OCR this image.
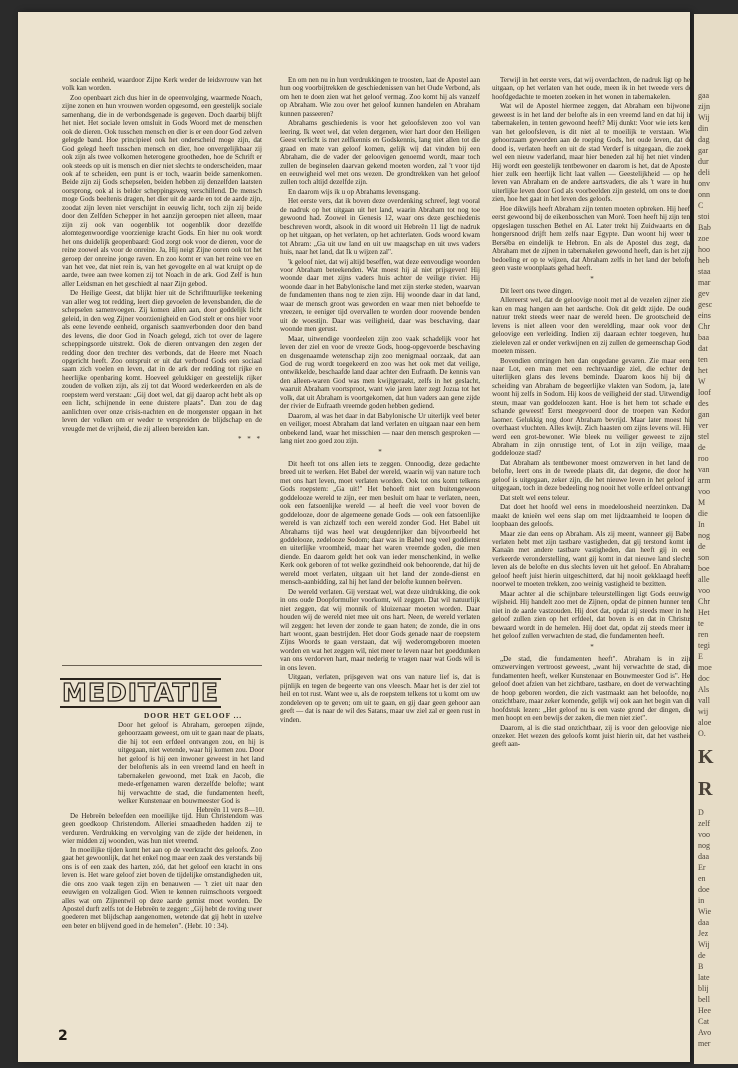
sociale eenheid, waardoor Zijne Kerk weder de leidsvrouw van het volk kan worden.

Zoo openbaart zich dus hier in de opeenvolging, waarmede Noach, zijne zonen en hun vrouwen worden opgesomd, een geestelijk sociale samenhang, die in de verbondsgenade is gegeven. Doch daarbij blijft het niet. Het sociale leven omsluit in Gods Woord met de menschen ook de dieren. Ook tusschen mensch en dier is er een door God zelven gelegde band. Hoe principieel ook het onderscheid moge zijn, dat God gelegd heeft tusschen mensch en dier, hoe onvergelijkbaar zij ook zijn als twee volkomen heterogene grootheden, hoe de Schrift er ook steeds op uit is mensch en dier niet slechts te onderscheiden, maar ook af te scheiden, een punt is er toch, waarin beide samenkomen. Beide zijn zij Gods schepselen, beiden hebben zij denzelfden laatsten oorsprong, ook al is belder scheppingsweg verschillend. De mensch moge Gods beeltenis dragen, het dier uit de aarde en tot de aarde zijn, zoodat zijn leven niet verschijnt in eeuwig licht, toch zijn zij beide door den Zelfden Schepper in het aanzijn geroepen niet alleen, maar zijn zij ook van oogenblik tot oogenblik door dezelfde alomtegenwoordige voorzienige kracht Gods. En hier nu ook wordt het ons duidelijk geopenbaard: God zorgt ook voor de dieren, voor de reine zoowel als voor de onreine. Ja, Hij neigt Zijne ooren ook tot het geroep der onreine jonge raven. En zoo komt er van het reine vee en van het vee, dat niet rein is, van het gevogelte en al wat kruipt op de aarde, twee aan twee komen zij tot Noach in de ark. God Zelf is hun aller Leidsman en het geschiedt al naar Zijn gebod.

De Heilige Geest, dat blijkt hier uit de Schrifttuurlijke teekening van aller weg tot redding, leert diep gevoelen de levensbanden, die de schepselen samenvoegen. Zij komen allen aan, door goddelijk licht geleid, in den weg Zijner voorzienigheid en God stelt er ons hier voor als eene levende eenheid, organisch saamverbonden door den band des levens, die door God in Noach gelegd, zich tot over de lagere scheppingsorde uitstrekt. Ook de dieren ontvangen den zegen der redding door den trechter des verbonds, dat de Heere met Noach opgericht heeft. Zoo ontspruit er uit dat verbond Gods een sociaal saam zich voelen en leven, dat in de ark der redding tot rijke en heerlijke openbaring komt. Hoeveel gelukkiger en geestelijk rijker zouden de volken zijn, als zij tot dat Woord wederkeerden en als de roepstem werd verstaan: „Gij doet wel, dat gij daarop acht hebt als op een licht, schijnende in eene duistere plaats". Dan zou de dag aanlichten over onze crisis-nachten en de morgenster opgaan in het leven der volken om er weder te verspreiden de blijdschap en de vreugde met de vrijheid, die zij alleen bereiden kan.

* * *
MEDITATIE
DOOR HET GELOOF ...
Door het geloof is Abraham, geroepen zijnde, gehoorzaam geweest, om uit te gaan naar de plaats, die hij tot een erfdeel ontvangen zou, en hij is uitgegaan, niet wetende, waar hij komen zou. Door het geloof is hij een inwoner geweest in het land der beloftenis als in een vreemd land en heeft in tabernakelen gewoond, met Izak en Jacob, die mede-erfgenamen waren derzelfde belofte; want hij verwachtte de stad, die fundamenten heeft, welker Kunstenaar en bouwmeester God is
Hebreën 11 vers 8—10.

De Hebreën beleefden een moeilijke tijd. Hun Christendom was geen goedkoop Christendom. Alleriei smaadheden hadden zij te verduren. Verdrukking en vervolging van de zijde der heidenen, in wier midden zij woonden, was hun niet vreemd.

In moeilijke tijden komt het aan op de veerkracht des geloofs. Zoo gaat het gewoonlijk, dat het enkel nog maar een zaak des verstands bij ons is of een zaak des harten, zóó, dat het geloof een kracht in ons leven is. Het ware geloof ziet boven de tijdelijke omstandigheden uit, die ons zoo vaak tegen zijn en benauwen — 't ziet uit naar den eeuwigen en volzaligen God. Wien te kennen ruimschoots vergoedt alles wat om Zijnentwil op deze aarde gemist moet worden. De Apostel durft zelfs tot de Hebreën te zeggen: „Gij hebt de roving uwer goederen met blijdschap aangenomen, wetende dat gij hebt in uzelve een beter en blijvend goed in de hemelen". (Hebr. 10 : 34).

En om nen nu in hun verdrukkingen te troosten, laat de Apostel aan hun oog voorbijtrekken de geschiedenissen van het Oude Verbond, als om hen te doen zien wat het geloof vermag. Zoo komt hij als vanzelf op Abraham. Wie zou over het geloof kunnen handelen en Abraham kunnen passeeren?

Abrahams geschiedenis is voor het geloofsleven zoo vol van leering. Ik weet wel, dat velen dergenen, wier hart door den Heiligen Geest verlicht is met zelfkennis en Godskennis, lang niet allen tot die graad en mate van geloof komen, gelijk wij dat vinden bij een Abraham, die de vader der geloovigen genoemd wordt, maar toch zullen de beginselen daarvan gekend moeten worden, zal 't voor tijd en eeuwigheid wel met ons wezen. De grondtrekken van het geloof zullen toch altijd dezelfde zijn.

En daarom wijs ik u op Abrahams levensgang.

Het eerste vers, dat ik boven deze overdenking schreef, legt vooral de nadruk op het uitgaan uit het land, waarin Abraham tot nog toe gewoond had. Zoowel in Genesis 12, waar ons deze geschiedenis beschreven wordt, alsook in dit woord uit Hebreën 11 ligt de nadruk op het uitgaan, op het verlaten, op het achterlaten. Gods woord kwam tot Abram: „Ga uit uw land en uit uw maagschap en uit uws vaders huis, naar het land, dat Ik u wijzen zal".

'k geloof niet, dat wij altijd beseffen, wat deze eenvoudige woorden voor Abraham beteekenden. Wat moest hij al niet prijsgeven! Hij woonde daar met zijns vaders huis achter de veilige rivier. Hij woonde daar in het Babylonische land met zijn sterke steden, waarvan de fundamenten thans nog te zien zijn. Hij woonde daar in dat land, waar de mensch groot was geworden en waar men niet behoefde te vreezen, te eeniger tijd overvallen te worden door roovende benden uit de woestijn. Daar was veiligheid, daar was beschaving, daar woonde men gerust.

Maar, uitwendige voordeelen zijn zoo vaak schadelijk voor het leven der ziel en voor de vreeze Gods, hoog-opgevoerde beschaving en dusgenaamde wetenschap zijn zoo menigmaal oorzaak, dat aan God de rug wordt toegekeerd en zoo was het ook met dat veilige, ontwikkelde, beschaafde land daar achter den Eufraath. De kennis van den alleen-waren God was men kwijtgeraakt, zelfs in het geslacht, waaruit Abraham voortsproot, want wie jaren later zegt Jozua tot het volk, dat uit Abraham is voortgekomen, dat hun vaders aan gene zijde der rivier de Eufraath vreemde goden hebben gediend.

Daarom, al was het daar in dat Babylonische Ur uiterlijk veel beter en veiliger, moest Abraham dat land verlaten en uitgaan naar een hem onbekend land, waar het misschien — naar den mensch gesproken — lang niet zoo goed zou zijn.

*

Dit heeft tot ons allen iets te zeggen. Onnoodig, deze gedachte breed uit te werken. Het Babel der wereld, waarin wij van nature toch met ons hart leven, moet verlaten worden. Ook tot ons komt telkens Gods roepstem: „Ga uit!" Het behoeft niet een buitengewoon goddelooze wereld te zijn, eer men besluit om haar te verlaten, neen, ook een fatsoenlijke wereld — al heeft die veel voor boven de goddelooze, door de algemeene genade Gods — ook een fatsoenlijke wereld is van zichzelf toch een wereld zonder God. Het Babel uit Abrahams tijd was heel wat deugdenrijker dan bijvoorbeeld het goddelooze, zedelooze Sodom; daar was in Babel nog veel goddienst en uiterlijke vroomheid, maar het waren vreemde goden, die men diende. En daarom geldt het ook van ieder menschenkind, in welke Kerk ook geboren of tot welke gezindheid ook behoorende, dat hij de wereld moet verlaten, uitgaan uit het land der zonde-dienst en mensch-aanbidding, zal hij het land der belofte kunnen beërven.

De wereld verlaten. Gij verstaat wel, wat deze uitdrukking, die ook in ons oude Doopformulier voorkomt, wil zeggen. Dat wil natuurlijk niet zeggen, dat wij monnik of kluizenaar moeten worden. Daar houden wij de wereld niet mee uit ons hart. Neen, de wereld verlaten wil zeggen: het leven der zonde te gaan haten; de zonde, die in ons hart woont, gaan bestrijden. Het door Gods genade naar de roepstem Zijns Woords te gaan verstaan, dat wij wederomgeboren moeten worden en wat het zeggen wil, niet meer te leven naar het goeddunken van ons verdorven hart, maar nederig te vragen naar wat Gods wil is in ons leven.

Uitgaan, verlaten, prijsgeven wat ons van nature lief is, dat is pijnlijk en tegen de begeerte van ons vleesch. Maar het is der ziel tot heil en tot rust. Want wee u, als de roepstem telkens tot u komt om uw zondeleven op te geven; om uit te gaan, en gij daar geen gehoor aan geeft — dat is naar de wil des Satans, maar uw ziel zal er geen rust in vinden.

Terwijl in het eerste vers, dat wij overdachten, de nadruk ligt op het uitgaan, op het verlaten van het oude, meen ik in het tweede vers de hoofdgedachte te moeten zoeken in het wonen in tabernakelen.

Wat wil de Apostel hiermee zeggen, dat Abraham een bijwoner geweest is in het land der belofte als in een vreemd land en dat hij in tabernakelen, in tenten gewoond heeft? Mij dunkt: Voor wie iets kent van het geloofsleven, is dit niet al te moeilijk te verstaan. Wie, gehoorzaam geworden aan de roeping Gods, het oude leven, dat de dood is, verlaten heeft en uit de stad Verderf is uitgegaan, die zoekt wel een nieuw vaderland, maar hier beneden zal hij het niet vinden. Hij wordt een geestelijk tentbewoner en daarom is het, dat de Apostel hier zulk een heerlijk licht laat vallen — Geestelijkheid — op het leven van Abraham en de andere aartsvaders, die als 't ware in hun uiterlijke leven door God als voorbeelden zijn gesteld, om ons te doen zien, hoe het gaat in het leven des geloofs.

Hoe dikwijls heeft Abraham zijn tenten moeten opbreken. Hij heeft eerst gewoond bij de eikenbosschen van Moré. Toen heeft hij zijn tent opgeslagen tusschen Bethel en Aï. Later trekt hij Zuidwaarts en de hongersnood drijft hem zelfs naar Egypte. Dan woont hij weer te Berséba en eindelijk te Hebron. En als de Apostel dus zegt, dat Abraham met de zijnen in tabernakelen gewoond heeft, dan is het zijn bedoeling er op te wijzen, dat Abraham zelfs in het land der belofte geen vaste woonplaats gehad heeft.

*

Dit leert ons twee dingen.

Allereerst wel, dat de geloovige nooit met al de vezelen zijner ziel kan en mag hangen aan het aardsche. Ook dit geldt zijde. De oude natuur trekt steeds weer naar de wereld heen. De grootscheid des levens is niet alleen voor den wereldling, maar ook voor den geloovige een verleiding. Indien zij daaraan echter toegeven, hun zieleleven zal er onder verkwijnen en zij zullen de gemeenschap Gods moeten missen.

Bovendien omringen hen dan ongedane gevaren. Zie maar eens naar Lot, een man met een rechtvaardige ziel, die echter den uiterlijken glans des levens beminde. Daarom koos hij bij de scheiding van Abraham de begeerlijke vlakten van Sodom, ja, later woont hij zelfs in Sodom. Hij koos de veiligheid der stad. Uitwendige steun, maar van goddeloozen kant. Hoe is het hem tot schade en schande geweest! Eerst meegevoerd door de troepen van Kedor-laomer. Gelukkig nog door Abraham bevrijd. Maar later moest hij overhaast vluchten. Alles kwijt. Zich haasten om zijns levens wil. Hij werd een grot-bewoner. Wie bleek nu veiliger geweest te zijn: Abraham in zijn onrustige tent, of Lot in zijn veilige, maar goddelooze stad?

Dat Abraham als tentbewoner moest omzwerven in het land der belofte, leert ons in de tweede plaats dit, dat degene, die door het geloof is uitgegaan, zeker zijn, die het nieuwe leven in het geloof is uitgegaan, toch in deze bedeeling nog nooit het volle erfdeel ontvangt.

Dat stelt wel eens teleur.

Dat doet het hoofd wel eens in moedeloosheid neerzinken. Dat maakt de knieën wel eens slap om met lijdzaamheid te loopen de loopbaan des geloofs.

Maar zie dan eens op Abraham. Als zij meent, wanneer gij Babel verlaten hebt met zijn tastbare vastigheden, dat gij terstond komt in Kanaän met andere tastbare vastigheden, dan heeft gij in een verkeerde veronderstelling, want gij komt in dat nieuwe land slechts leven als de belofte en dus slechts leven uit het geloof. En Abrahams geloof heeft juist hierin uitgeschitterd, dat hij nooit gekklaagd heeft, noorwel te moeten trekken, zoo weinig vastigheid te bezitten.

Maar achter al die schijnbare teleurstellingen ligt Gods eeuwige wijsheid. Hij handelt zoo met de Zijnen, opdat de pinnen hunner tent niet in de aarde vastzouden. Hij doet dat, opdat zij steeds meer in het geloof zullen zien op het erfdeel, dat boven is en dat in Christus bewaard wordt in de hemelen. Hij doet dat, opdat zij steeds meer in het geloof zullen verwachten de stad, die fundamenten heeft.

*

„De stad, die fundamenten heeft". Abraham is in zijn omzwervingen vertroost geweest, „want hij verwachtte de stad, die fundamenten heeft, welker Kunstenaar en Bouwmeester God is". Het geloof doet afzien van het zichtbare, tastbare, en doet de verwachting, de hoop geboren worden, die zich vastmaakt aan het beloofde, nog onzichtbare, maar zeker komende, gelijk wij ook aan het begin van dit hoofdstuk lezen: „Het geloof nu is een vaste grond der dingen, die men hoopt en een bewijs der zaken, die men niet ziet".

Daarom, al is die stad onzichtbaar, zij is voor den geloovige niet onzeker. Het wezen des geloofs komt juist hierin uit, dat het vastheid geeft aan-

2
gaa
zijn
Wij
din
dag
gar
dur
deli
onv
onn
C
stoi
Bab
zoe
hoo
heb
staa
mar
gev
gesc
eins
Chr
baa
dat
ten
het
W
loof
des
gan
ver
stel
de
roo
van
arm
voo
M
die
In
nog
de
son
boe
alle
voo
Chr
Het
te
ren
tegi
E
moe
doc
Als
vall
wij
aloe
O.
K
R
D
zelf
voo
nog
daa
Er
en
doe
in
Wie
daa
Jez
Wij
de
B
late
blij
bell
Hee
Cat
Avo
mer
